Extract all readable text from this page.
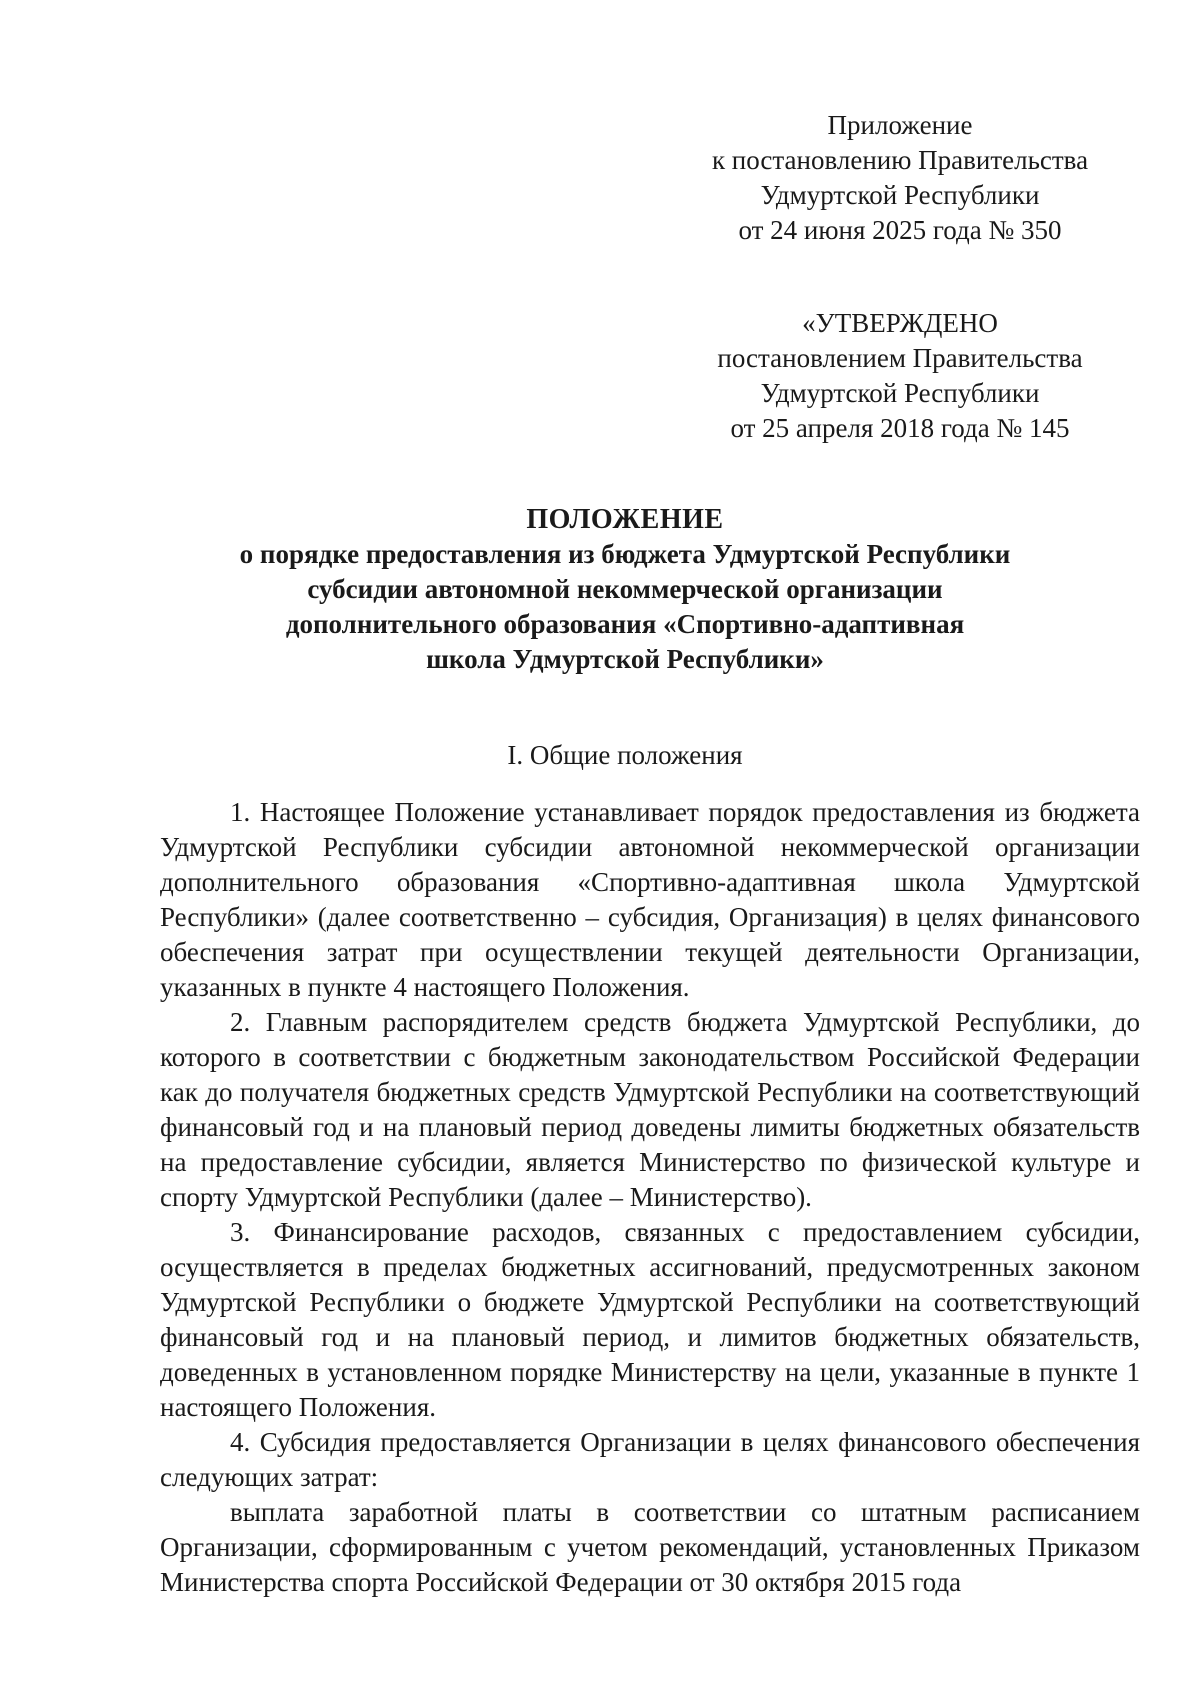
Приложение
к постановлению Правительства
Удмуртской Республики
от 24 июня 2025 года № 350
«УТВЕРЖДЕНО
постановлением Правительства
Удмуртской Республики
от 25 апреля 2018 года № 145
ПОЛОЖЕНИЕ
о порядке предоставления из бюджета Удмуртской Республики
субсидии автономной некоммерческой организации
дополнительного образования «Спортивно-адаптивная
школа Удмуртской Республики»
I. Общие положения

1. Настоящее Положение устанавливает порядок предоставления из бюджета Удмуртской Республики субсидии автономной некоммерческой организации дополнительного образования «Спортивно-адаптивная школа Удмуртской Республики» (далее соответственно – субсидия, Организация) в целях финансового обеспечения затрат при осуществлении текущей деятельности Организации, указанных в пункте 4 настоящего Положения.

2. Главным распорядителем средств бюджета Удмуртской Республики, до которого в соответствии с бюджетным законодательством Российской Федерации как до получателя бюджетных средств Удмуртской Республики на соответствующий финансовый год и на плановый период доведены лимиты бюджетных обязательств на предоставление субсидии, является Министерство по физической культуре и спорту Удмуртской Республики (далее – Министерство).

3. Финансирование расходов, связанных с предоставлением субсидии, осуществляется в пределах бюджетных ассигнований, предусмотренных законом Удмуртской Республики о бюджете Удмуртской Республики на соответствующий финансовый год и на плановый период, и лимитов бюджетных обязательств, доведенных в установленном порядке Министерству на цели, указанные в пункте 1 настоящего Положения.

4. Субсидия предоставляется Организации в целях финансового обеспечения следующих затрат:

выплата заработной платы в соответствии со штатным расписанием Организации, сформированным с учетом рекомендаций, установленных Приказом Министерства спорта Российской Федерации от 30 октября 2015 года
